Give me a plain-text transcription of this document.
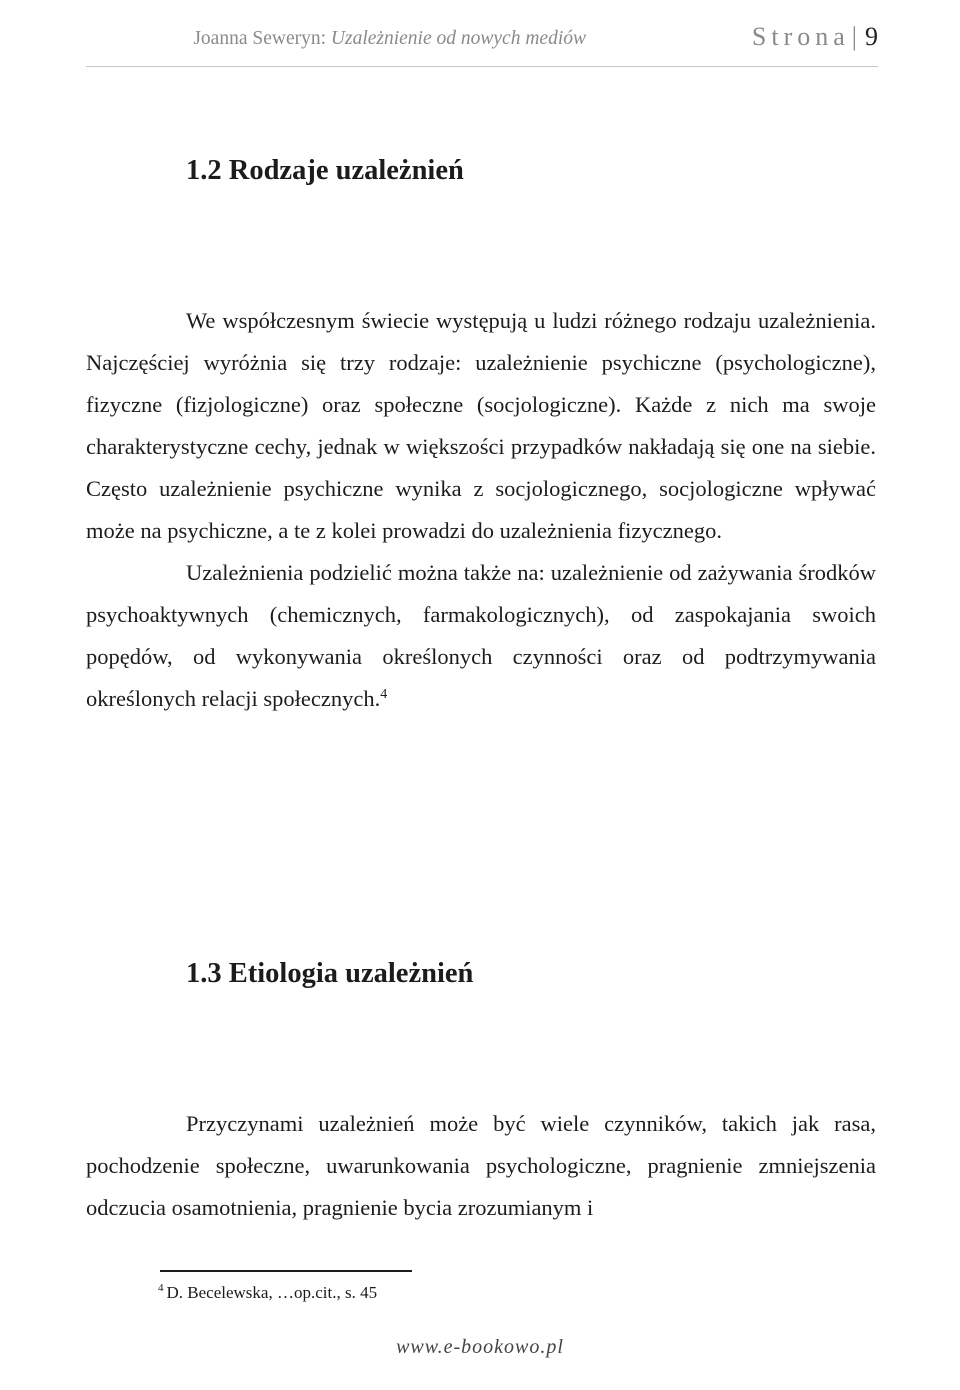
Joanna Seweryn: Uzależnienie od nowych mediów	Strona| 9
1.2 Rodzaje uzależnień

We współczesnym świecie występują u ludzi różnego rodzaju uzależnienia. Najczęściej wyróżnia się trzy rodzaje: uzależnienie psychiczne (psychologiczne), fizyczne (fizjologiczne) oraz społeczne (socjologiczne). Każde z nich ma swoje charakterystyczne cechy, jednak w większości przypadków nakładają się one na siebie. Często uzależnienie psychiczne wynika z socjologicznego, socjologiczne wpływać może na psychiczne, a te z kolei prowadzi do uzależnienia fizycznego.

Uzależnienia podzielić można także na: uzależnienie od zażywania środków psychoaktywnych (chemicznych, farmakologicznych), od zaspokajania swoich popędów, od wykonywania określonych czynności oraz od podtrzymywania określonych relacji społecznych.$^4$

1.3 Etiologia uzależnień

Przyczynami uzależnień może być wiele czynników, takich jak rasa, pochodzenie społeczne, uwarunkowania psychologiczne, pragnienie zmniejszenia odczucia osamotnienia, pragnienie bycia zrozumianym i

$^4$ D. Becelewska, …op.cit., s. 45
www.e-bookowo.pl
